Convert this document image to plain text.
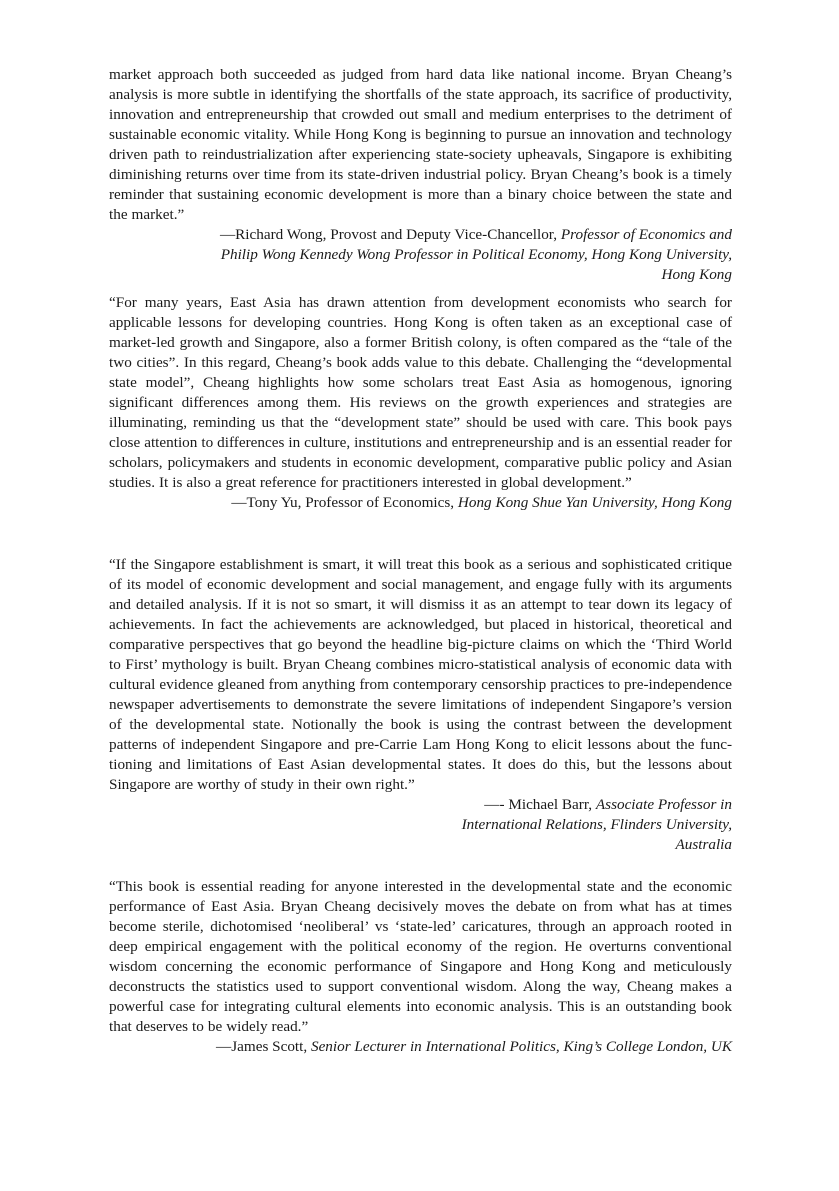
market approach both succeeded as judged from hard data like national income. Bryan Cheang’s analysis is more subtle in identifying the shortfalls of the state approach, its sacrifice of productivity, innovation and entrepreneurship that crowded out small and medium enterprises to the detriment of sustainable economic vitality. While Hong Kong is beginning to pursue an innovation and technology driven path to reindustrialization after experiencing state-society upheavals, Singapore is exhibiting diminishing returns over time from its state-driven industrial policy. Bryan Cheang’s book is a timely reminder that sustaining economic development is more than a binary choice between the state and the market.”

—Richard Wong, Provost and Deputy Vice-Chancellor, Professor of Economics and Philip Wong Kennedy Wong Professor in Political Economy, Hong Kong University, Hong Kong

“For many years, East Asia has drawn attention from development economists who search for applicable lessons for developing countries. Hong Kong is often taken as an exceptional case of market-led growth and Singapore, also a former British colony, is often compared as the “tale of the two cities”. In this regard, Cheang’s book adds value to this debate. Challenging the “developmental state model”, Cheang highlights how some scholars treat East Asia as homogenous, ignoring significant differences among them. His reviews on the growth experiences and strategies are illuminating, reminding us that the “development state” should be used with care. This book pays close attention to differences in culture, institutions and entrepreneurship and is an essential reader for scholars, policymakers and students in economic development, comparative public policy and Asian studies. It is also a great reference for practitioners interested in global development.”

—Tony Yu, Professor of Economics, Hong Kong Shue Yan University, Hong Kong

“If the Singapore establishment is smart, it will treat this book as a serious and sophisticated critique of its model of economic development and social management, and engage fully with its arguments and detailed analysis. If it is not so smart, it will dismiss it as an attempt to tear down its legacy of achievements. In fact the achievements are acknowledged, but placed in historical, theoretical and comparative perspectives that go beyond the headline big-picture claims on which the ‘Third World to First’ mythology is built. Bryan Cheang combines micro-statistical analysis of economic data with cultural evidence gleaned from anything from contemporary censorship practices to pre-independence newspaper advertisements to demonstrate the severe limitations of independent Singapore’s version of the developmental state. Notionally the book is using the contrast between the development patterns of independent Singapore and pre-Carrie Lam Hong Kong to elicit lessons about the functioning and limitations of East Asian developmental states. It does do this, but the lessons about Singapore are worthy of study in their own right.”

—- Michael Barr, Associate Professor in International Relations, Flinders University, Australia

“This book is essential reading for anyone interested in the developmental state and the economic performance of East Asia. Bryan Cheang decisively moves the debate on from what has at times become sterile, dichotomised ‘neoliberal’ vs ‘state-led’ caricatures, through an approach rooted in deep empirical engagement with the political economy of the region. He overturns conventional wisdom concerning the economic performance of Singapore and Hong Kong and meticulously deconstructs the statistics used to support conventional wisdom. Along the way, Cheang makes a powerful case for integrating cultural elements into economic analysis. This is an outstanding book that deserves to be widely read.”

—James Scott, Senior Lecturer in International Politics, King’s College London, UK
